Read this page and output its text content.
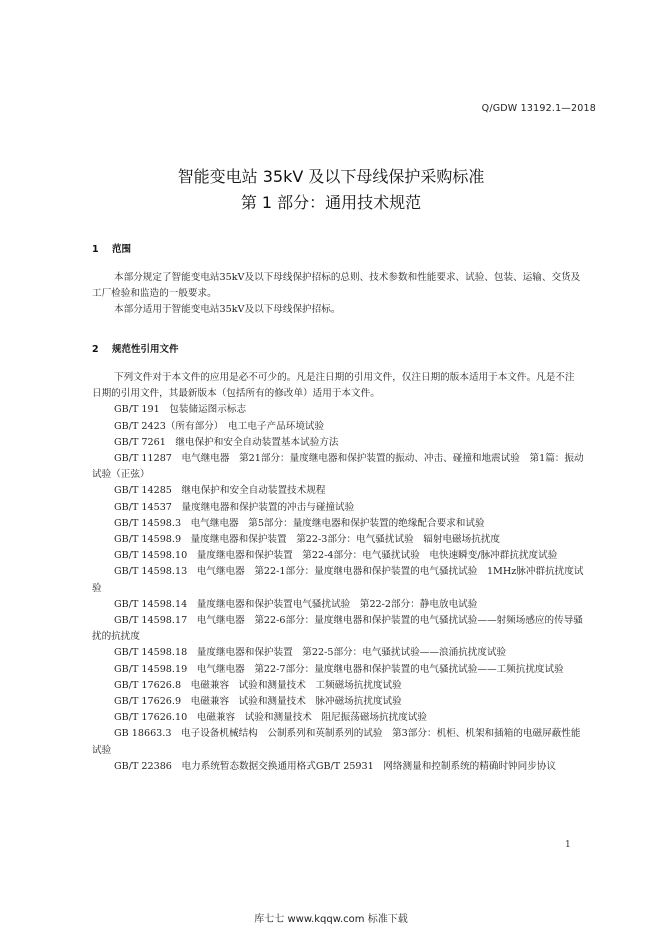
Q/GDW 13192.1—2018
智能变电站 35kV 及以下母线保护采购标准
第 1 部分：通用技术规范
1 范围

本部分规定了智能变电站35kV及以下母线保护招标的总则、技术参数和性能要求、试验、包装、运输、交货及工厂检验和监造的一般要求。

本部分适用于智能变电站35kV及以下母线保护招标。

2 规范性引用文件

下列文件对于本文件的应用是必不可少的。凡是注日期的引用文件，仅注日期的版本适用于本文件。凡是不注日期的引用文件，其最新版本（包括所有的修改单）适用于本文件。

GB/T 191　包装储运图示标志

GB/T 2423（所有部分）　电工电子产品环境试验

GB/T 7261　继电保护和安全自动装置基本试验方法

GB/T 11287　电气继电器　第21部分：量度继电器和保护装置的振动、冲击、碰撞和地震试验　第1篇：振动试验（正弦）

GB/T 14285　继电保护和安全自动装置技术规程

GB/T 14537　量度继电器和保护装置的冲击与碰撞试验

GB/T 14598.3　电气继电器　第5部分：量度继电器和保护装置的绝缘配合要求和试验

GB/T 14598.9　量度继电器和保护装置　第22-3部分：电气骚扰试验　辐射电磁场抗扰度

GB/T 14598.10　量度继电器和保护装置　第22-4部分：电气骚扰试验　电快速瞬变/脉冲群抗扰度试验

GB/T 14598.13　电气继电器　第22-1部分：量度继电器和保护装置的电气骚扰试验　1MHz脉冲群抗扰度试验

GB/T 14598.14　量度继电器和保护装置电气骚扰试验　第22-2部分：静电放电试验

GB/T 14598.17　电气继电器　第22-6部分：量度继电器和保护装置的电气骚扰试验——射频场感应的传导骚扰的抗扰度

GB/T 14598.18　量度继电器和保护装置　第22-5部分：电气骚扰试验——浪涌抗扰度试验

GB/T 14598.19　电气继电器　第22-7部分：量度继电器和保护装置的电气骚扰试验——工频抗扰度试验

GB/T 17626.8　电磁兼容　试验和测量技术　工频磁场抗扰度试验

GB/T 17626.9　电磁兼容　试验和测量技术　脉冲磁场抗扰度试验

GB/T 17626.10　电磁兼容　试验和测量技术　阻尼振荡磁场抗扰度试验

GB 18663.3　电子设备机械结构　公制系列和英制系列的试验　第3部分：机柜、机架和插箱的电磁屏蔽性能试验

GB/T 22386　电力系统暂态数据交换通用格式GB/T 25931　网络测量和控制系统的精确时钟同步协议

1
库七七 www.kqqw.com 标准下载
